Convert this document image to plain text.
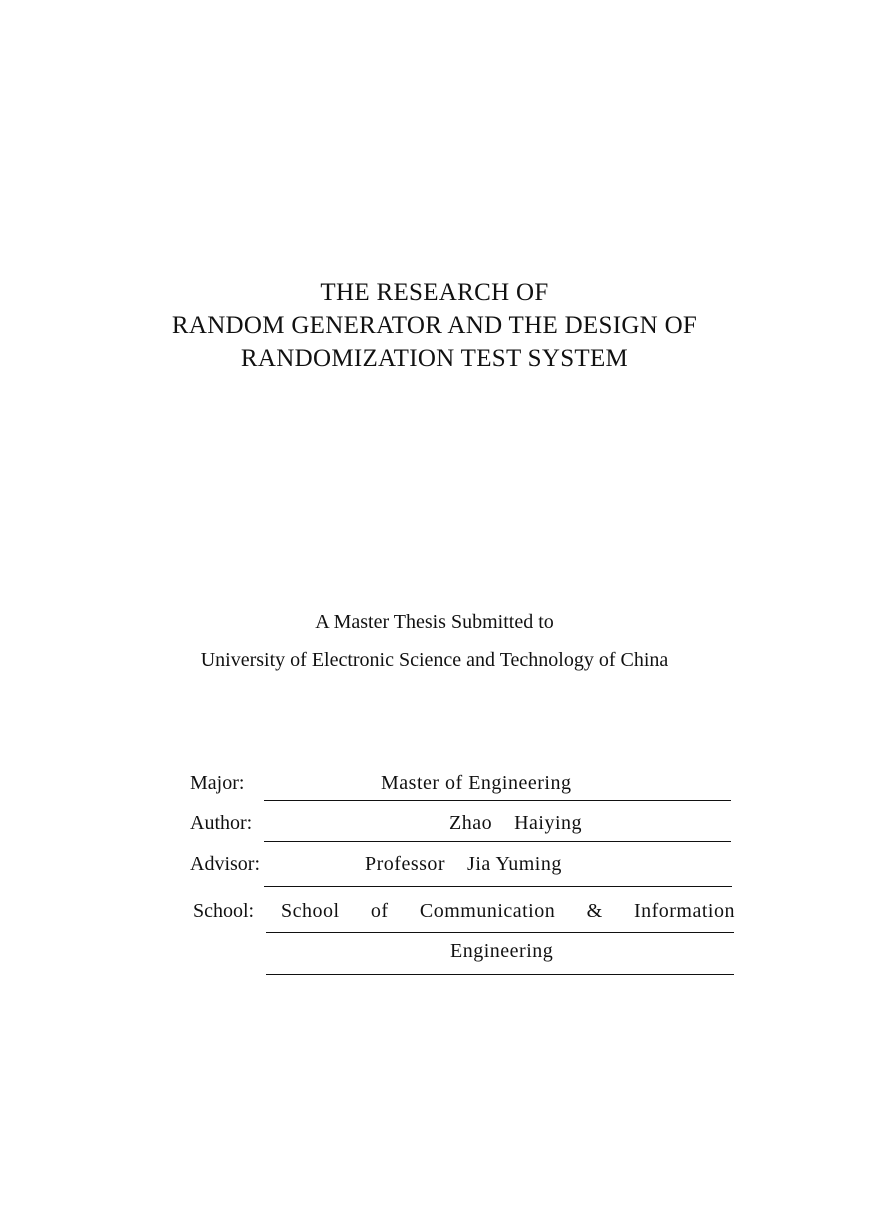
THE RESEARCH OF
RANDOM GENERATOR AND THE DESIGN OF
RANDOMIZATION TEST SYSTEM
A Master Thesis Submitted to
University of Electronic Science and Technology of China
Major:	Master of Engineering
Author:	Zhao    Haiying
Advisor:	Professor    Jia Yuming
School: School of Communication & Information
Engineering
